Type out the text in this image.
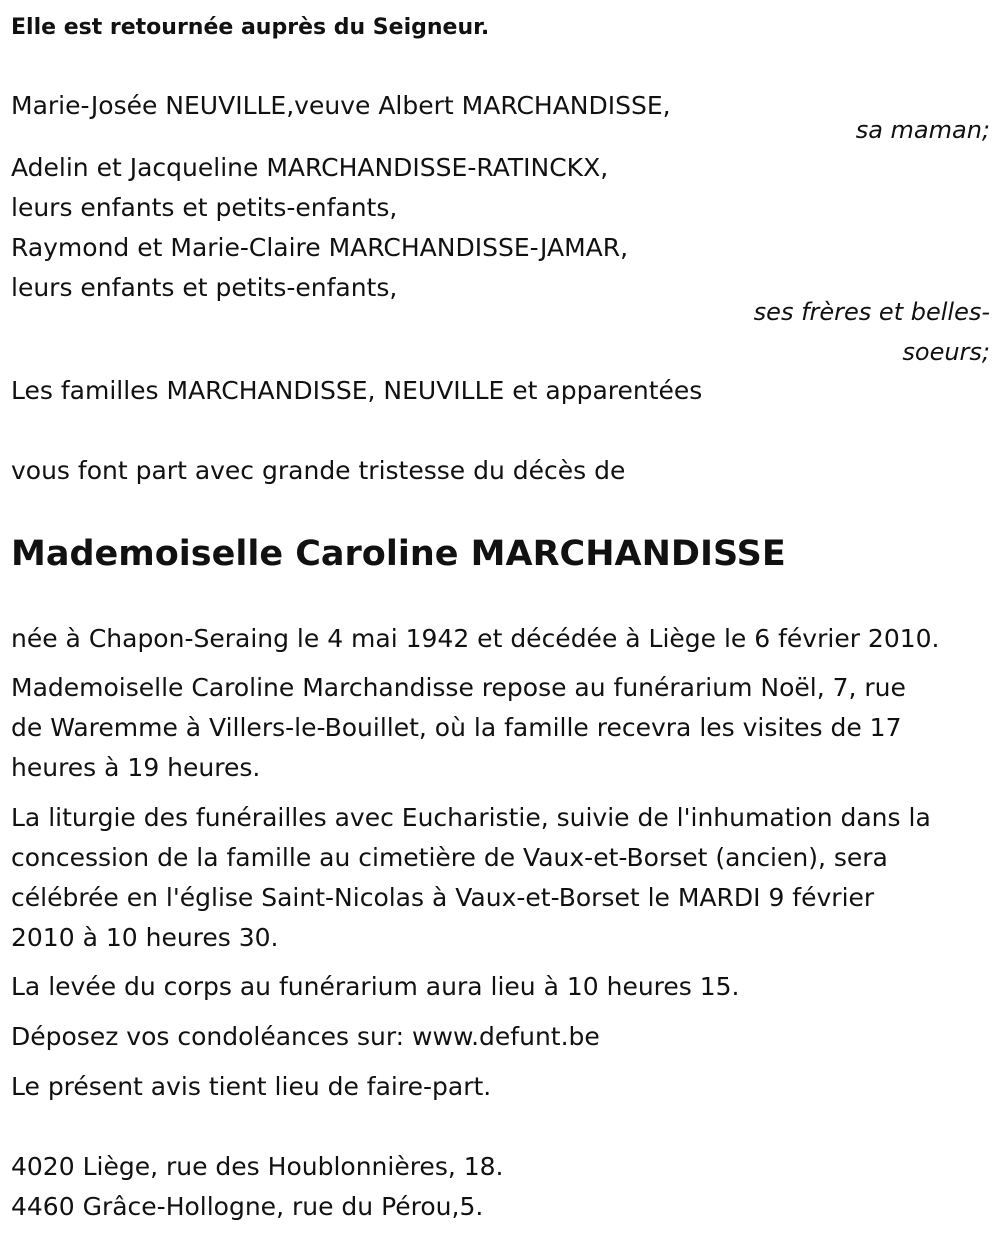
Elle est retournée auprès du Seigneur.

Marie-Josée NEUVILLE,veuve Albert MARCHANDISSE,

sa maman;

Adelin et Jacqueline MARCHANDISSE-RATINCKX,

leurs enfants et petits-enfants,

Raymond et Marie-Claire MARCHANDISSE-JAMAR,

leurs enfants et petits-enfants,

ses frères et belles-

soeurs;

Les familles MARCHANDISSE, NEUVILLE et apparentées

vous font part avec grande tristesse du décès de

Mademoiselle Caroline MARCHANDISSE

née à Chapon-Seraing le 4 mai 1942 et décédée à Liège le 6 février 2010.

Mademoiselle Caroline Marchandisse repose au funérarium Noël, 7, rue

de Waremme à Villers-le-Bouillet, où la famille recevra les visites de 17

heures à 19 heures.

La liturgie des funérailles avec Eucharistie, suivie de l'inhumation dans la

concession de la famille au cimetière de Vaux-et-Borset (ancien), sera

célébrée en l'église Saint-Nicolas à Vaux-et-Borset le MARDI 9 février

2010 à 10 heures 30.

La levée du corps au funérarium aura lieu à 10 heures 15.

Déposez vos condoléances sur: www.defunt.be

Le présent avis tient lieu de faire-part.

4020 Liège, rue des Houblonnières, 18.

4460 Grâce-Hollogne, rue du Pérou,5.
